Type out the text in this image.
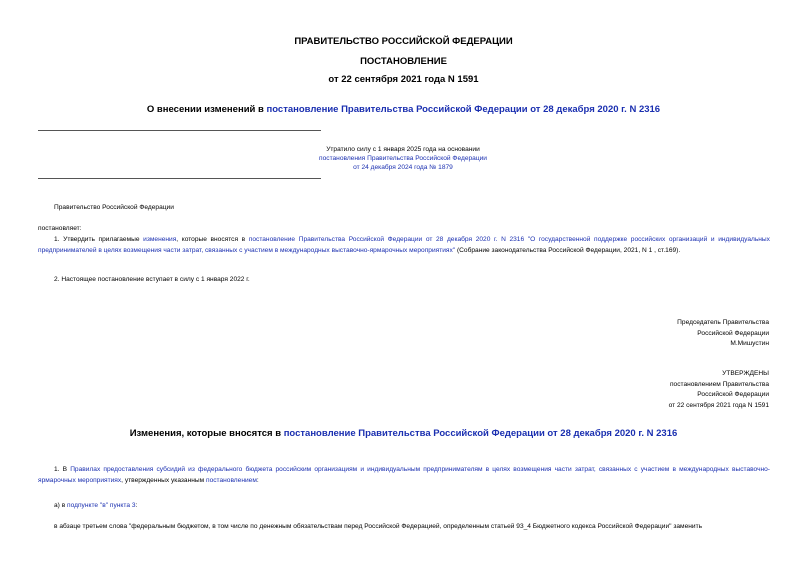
ПРАВИТЕЛЬСТВО РОССИЙСКОЙ ФЕДЕРАЦИИ
ПОСТАНОВЛЕНИЕ
от 22 сентября 2021 года N 1591
О внесении изменений в постановление Правительства Российской Федерации от 28 декабря 2020 г. N 2316
Утратило силу с 1 января 2025 года на основании
постановления Правительства Российской Федерации
от 24 декабря 2024 года № 1879
Правительство Российской Федерации
постановляет:
1. Утвердить прилагаемые изменения, которые вносятся в постановление Правительства Российской Федерации от 28 декабря 2020 г. N 2316 "О государственной поддержке российских организаций и индивидуальных предпринимателей в целях возмещения части затрат, связанных с участием в международных выставочно-ярмарочных мероприятиях" (Собрание законодательства Российской Федерации, 2021, N 1 , ст.169).
2. Настоящее постановление вступает в силу с 1 января 2022 г.
Председатель Правительства
Российской Федерации
М.Мишустин
УТВЕРЖДЕНЫ
постановлением Правительства
Российской Федерации
от 22 сентября 2021 года N 1591
Изменения, которые вносятся в постановление Правительства Российской Федерации от 28 декабря 2020 г. N 2316
1. В Правилах предоставления субсидий из федерального бюджета российским организациям и индивидуальным предпринимателям в целях возмещения части затрат, связанных с участием в международных выставочно-ярмарочных мероприятиях, утвержденных указанным постановлением:
а) в подпункте "в" пункта 3:
в абзаце третьем слова "федеральным бюджетом, в том числе по денежным обязательствам перед Российской Федерацией, определенным статьей 93_4 Бюджетного кодекса Российской Федерации" заменить
